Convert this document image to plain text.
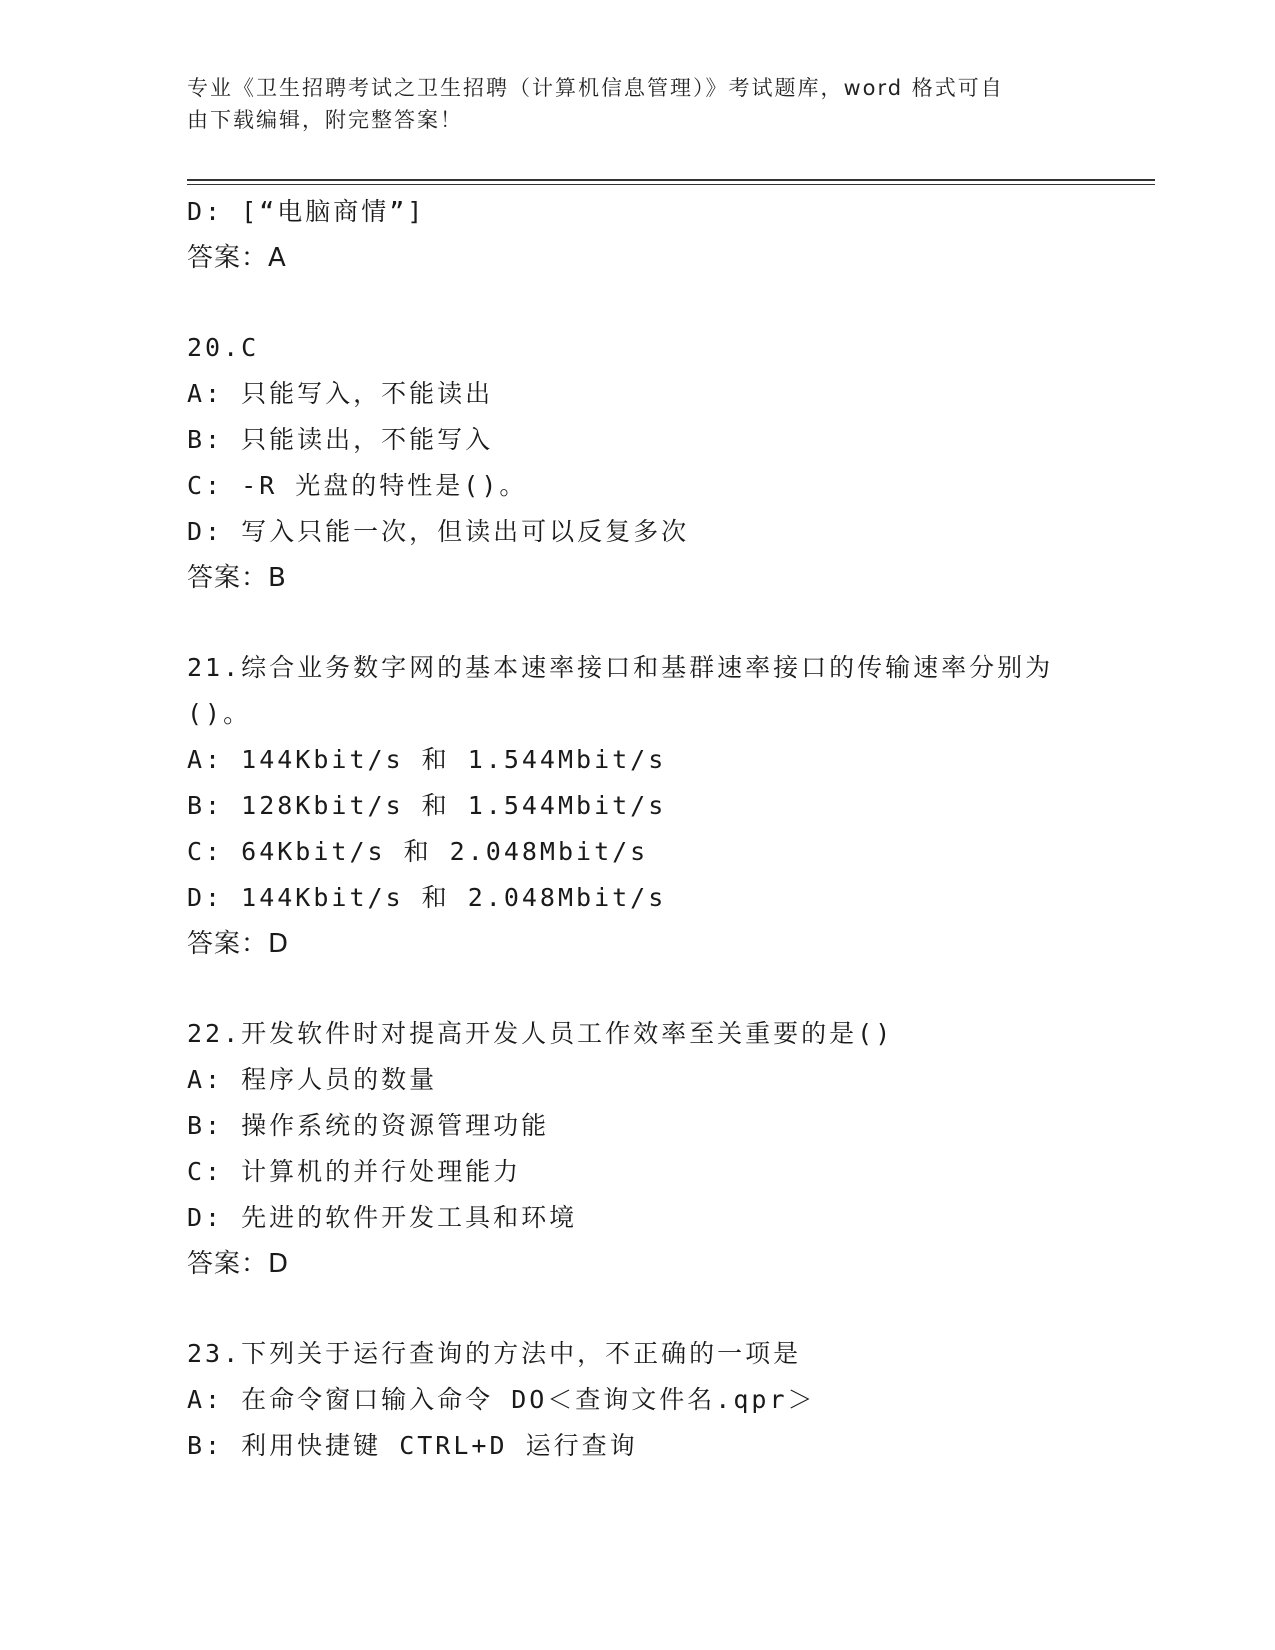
专业《卫生招聘考试之卫生招聘（计算机信息管理）》考试题库，word 格式可自
由下载编辑，附完整答案！
D: [“电脑商情”]
答案：A
20.C
A: 只能写入，不能读出
B: 只能读出，不能写入
C: -R 光盘的特性是()。
D: 写入只能一次，但读出可以反复多次
答案：B
21.综合业务数字网的基本速率接口和基群速率接口的传输速率分别为
()。
A: 144Kbit/s 和 1.544Mbit/s
B: 128Kbit/s 和 1.544Mbit/s
C: 64Kbit/s 和 2.048Mbit/s
D: 144Kbit/s 和 2.048Mbit/s
答案：D
22.开发软件时对提高开发人员工作效率至关重要的是()
A: 程序人员的数量
B: 操作系统的资源管理功能
C: 计算机的并行处理能力
D: 先进的软件开发工具和环境
答案：D
23.下列关于运行查询的方法中，不正确的一项是
A: 在命令窗口输入命令 DO＜查询文件名.qpr＞
B: 利用快捷键 CTRL+D 运行查询
